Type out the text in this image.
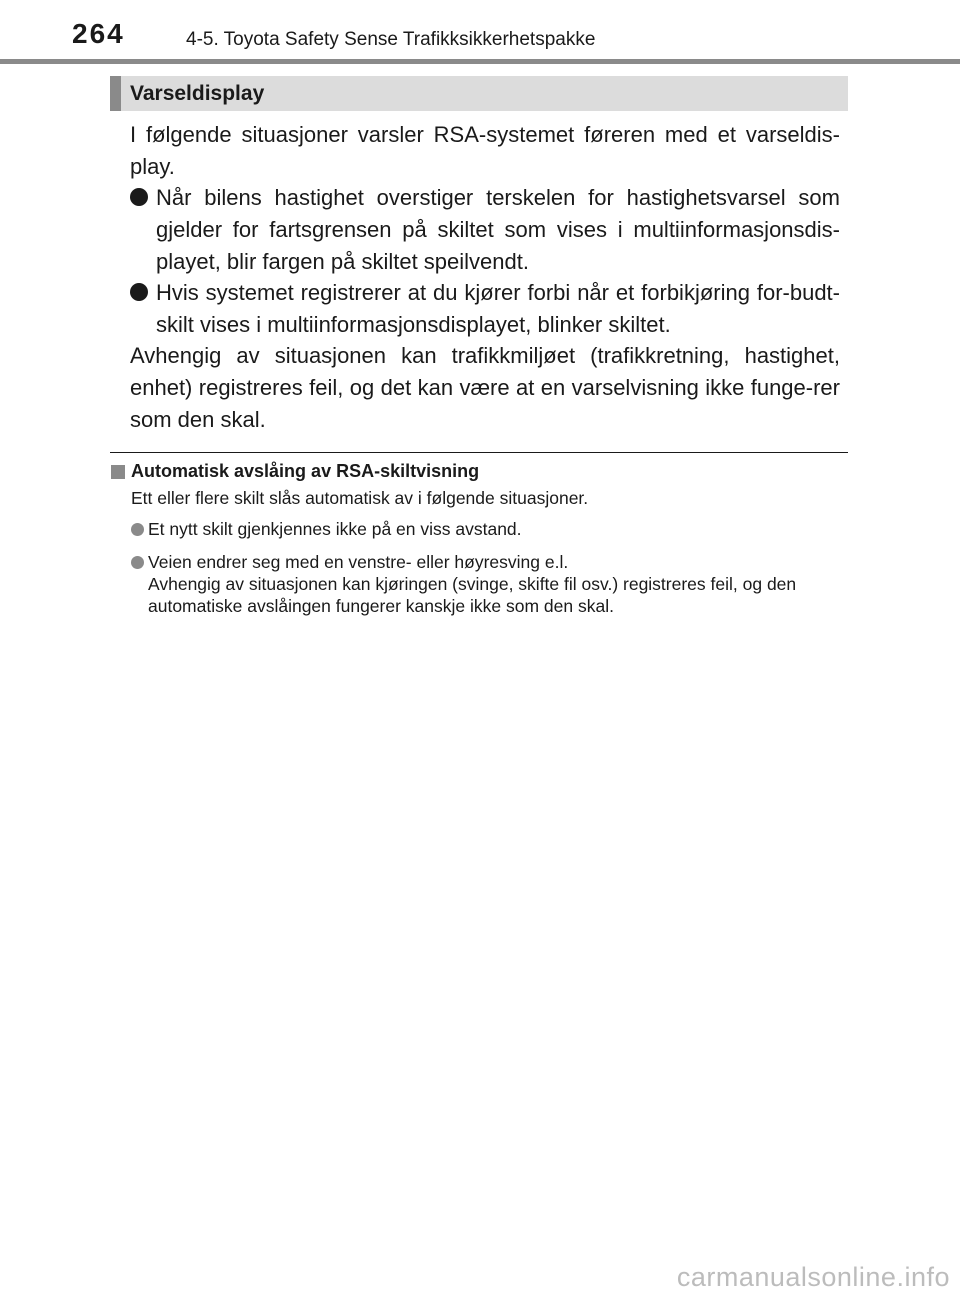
264	4-5. Toyota Safety Sense Trafikksikkerhetspakke
Varseldisplay
I følgende situasjoner varsler RSA-systemet føreren med et varseldis-play.
Når bilens hastighet overstiger terskelen for hastighetsvarsel som gjelder for fartsgrensen på skiltet som vises i multiinformasjonsdis-playet, blir fargen på skiltet speilvendt.
Hvis systemet registrerer at du kjører forbi når et forbikjøring for-budt-skilt vises i multiinformasjonsdisplayet, blinker skiltet.
Avhengig av situasjonen kan trafikkmiljøet (trafikkretning, hastighet, enhet) registreres feil, og det kan være at en varselvisning ikke funge-rer som den skal.
Automatisk avslåing av RSA-skiltvisning
Ett eller flere skilt slås automatisk av i følgende situasjoner.
Et nytt skilt gjenkjennes ikke på en viss avstand.
Veien endrer seg med en venstre- eller høyresving e.l.
Avhengig av situasjonen kan kjøringen (svinge, skifte fil osv.) registreres feil, og den automatiske avslåingen fungerer kanskje ikke som den skal.
carmanualsonline.info
